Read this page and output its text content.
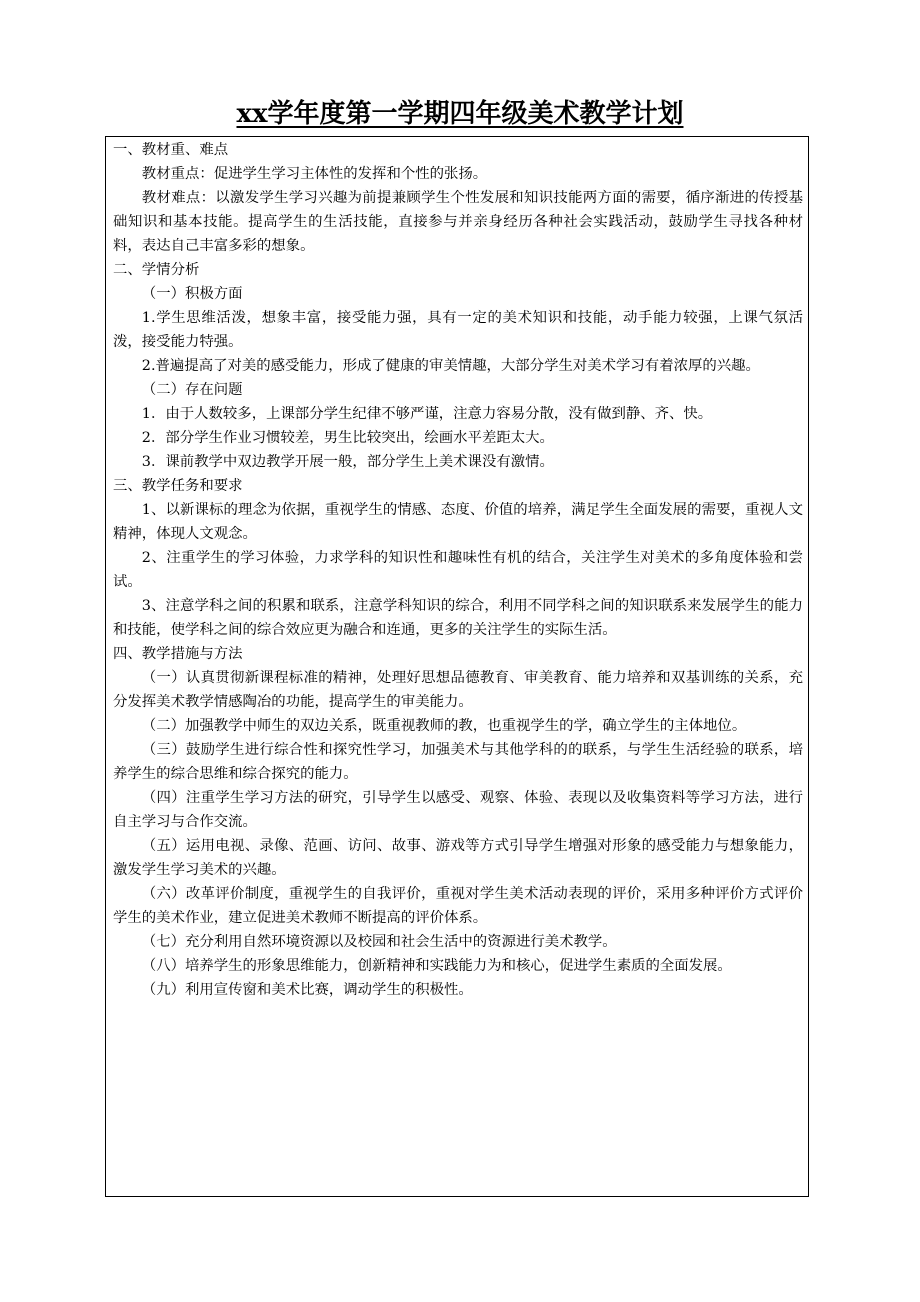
xx学年度第一学期四年级美术教学计划

一、教材重、难点

教材重点：促进学生学习主体性的发挥和个性的张扬。

教材难点：以激发学生学习兴趣为前提兼顾学生个性发展和知识技能两方面的需要，循序渐进的传授基础知识和基本技能。提高学生的生活技能，直接参与并亲身经历各种社会实践活动，鼓励学生寻找各种材料，表达自己丰富多彩的想象。

二、学情分析

（一）积极方面

1.学生思维活泼，想象丰富，接受能力强，具有一定的美术知识和技能，动手能力较强，上课气氛活泼，接受能力特强。

2.普遍提高了对美的感受能力，形成了健康的审美情趣，大部分学生对美术学习有着浓厚的兴趣。

（二）存在问题

1．由于人数较多，上课部分学生纪律不够严谨，注意力容易分散，没有做到静、齐、快。

2．部分学生作业习惯较差，男生比较突出，绘画水平差距太大。

3．课前教学中双边教学开展一般，部分学生上美术课没有激情。

三、教学任务和要求

1、以新课标的理念为依据，重视学生的情感、态度、价值的培养，满足学生全面发展的需要，重视人文精神，体现人文观念。

2、注重学生的学习体验，力求学科的知识性和趣味性有机的结合，关注学生对美术的多角度体验和尝试。

3、注意学科之间的积累和联系，注意学科知识的综合，利用不同学科之间的知识联系来发展学生的能力和技能，使学科之间的综合效应更为融合和连通，更多的关注学生的实际生活。

四、教学措施与方法

（一）认真贯彻新课程标准的精神，处理好思想品德教育、审美教育、能力培养和双基训练的关系，充分发挥美术教学情感陶冶的功能，提高学生的审美能力。

（二）加强教学中师生的双边关系，既重视教师的教，也重视学生的学，确立学生的主体地位。

（三）鼓励学生进行综合性和探究性学习，加强美术与其他学科的的联系，与学生生活经验的联系，培养学生的综合思维和综合探究的能力。

（四）注重学生学习方法的研究，引导学生以感受、观察、体验、表现以及收集资料等学习方法，进行自主学习与合作交流。

（五）运用电视、录像、范画、访问、故事、游戏等方式引导学生增强对形象的感受能力与想象能力，激发学生学习美术的兴趣。

（六）改革评价制度，重视学生的自我评价，重视对学生美术活动表现的评价，采用多种评价方式评价学生的美术作业，建立促进美术教师不断提高的评价体系。

（七）充分利用自然环境资源以及校园和社会生活中的资源进行美术教学。

（八）培养学生的形象思维能力，创新精神和实践能力为和核心，促进学生素质的全面发展。

（九）利用宣传窗和美术比赛，调动学生的积极性。
